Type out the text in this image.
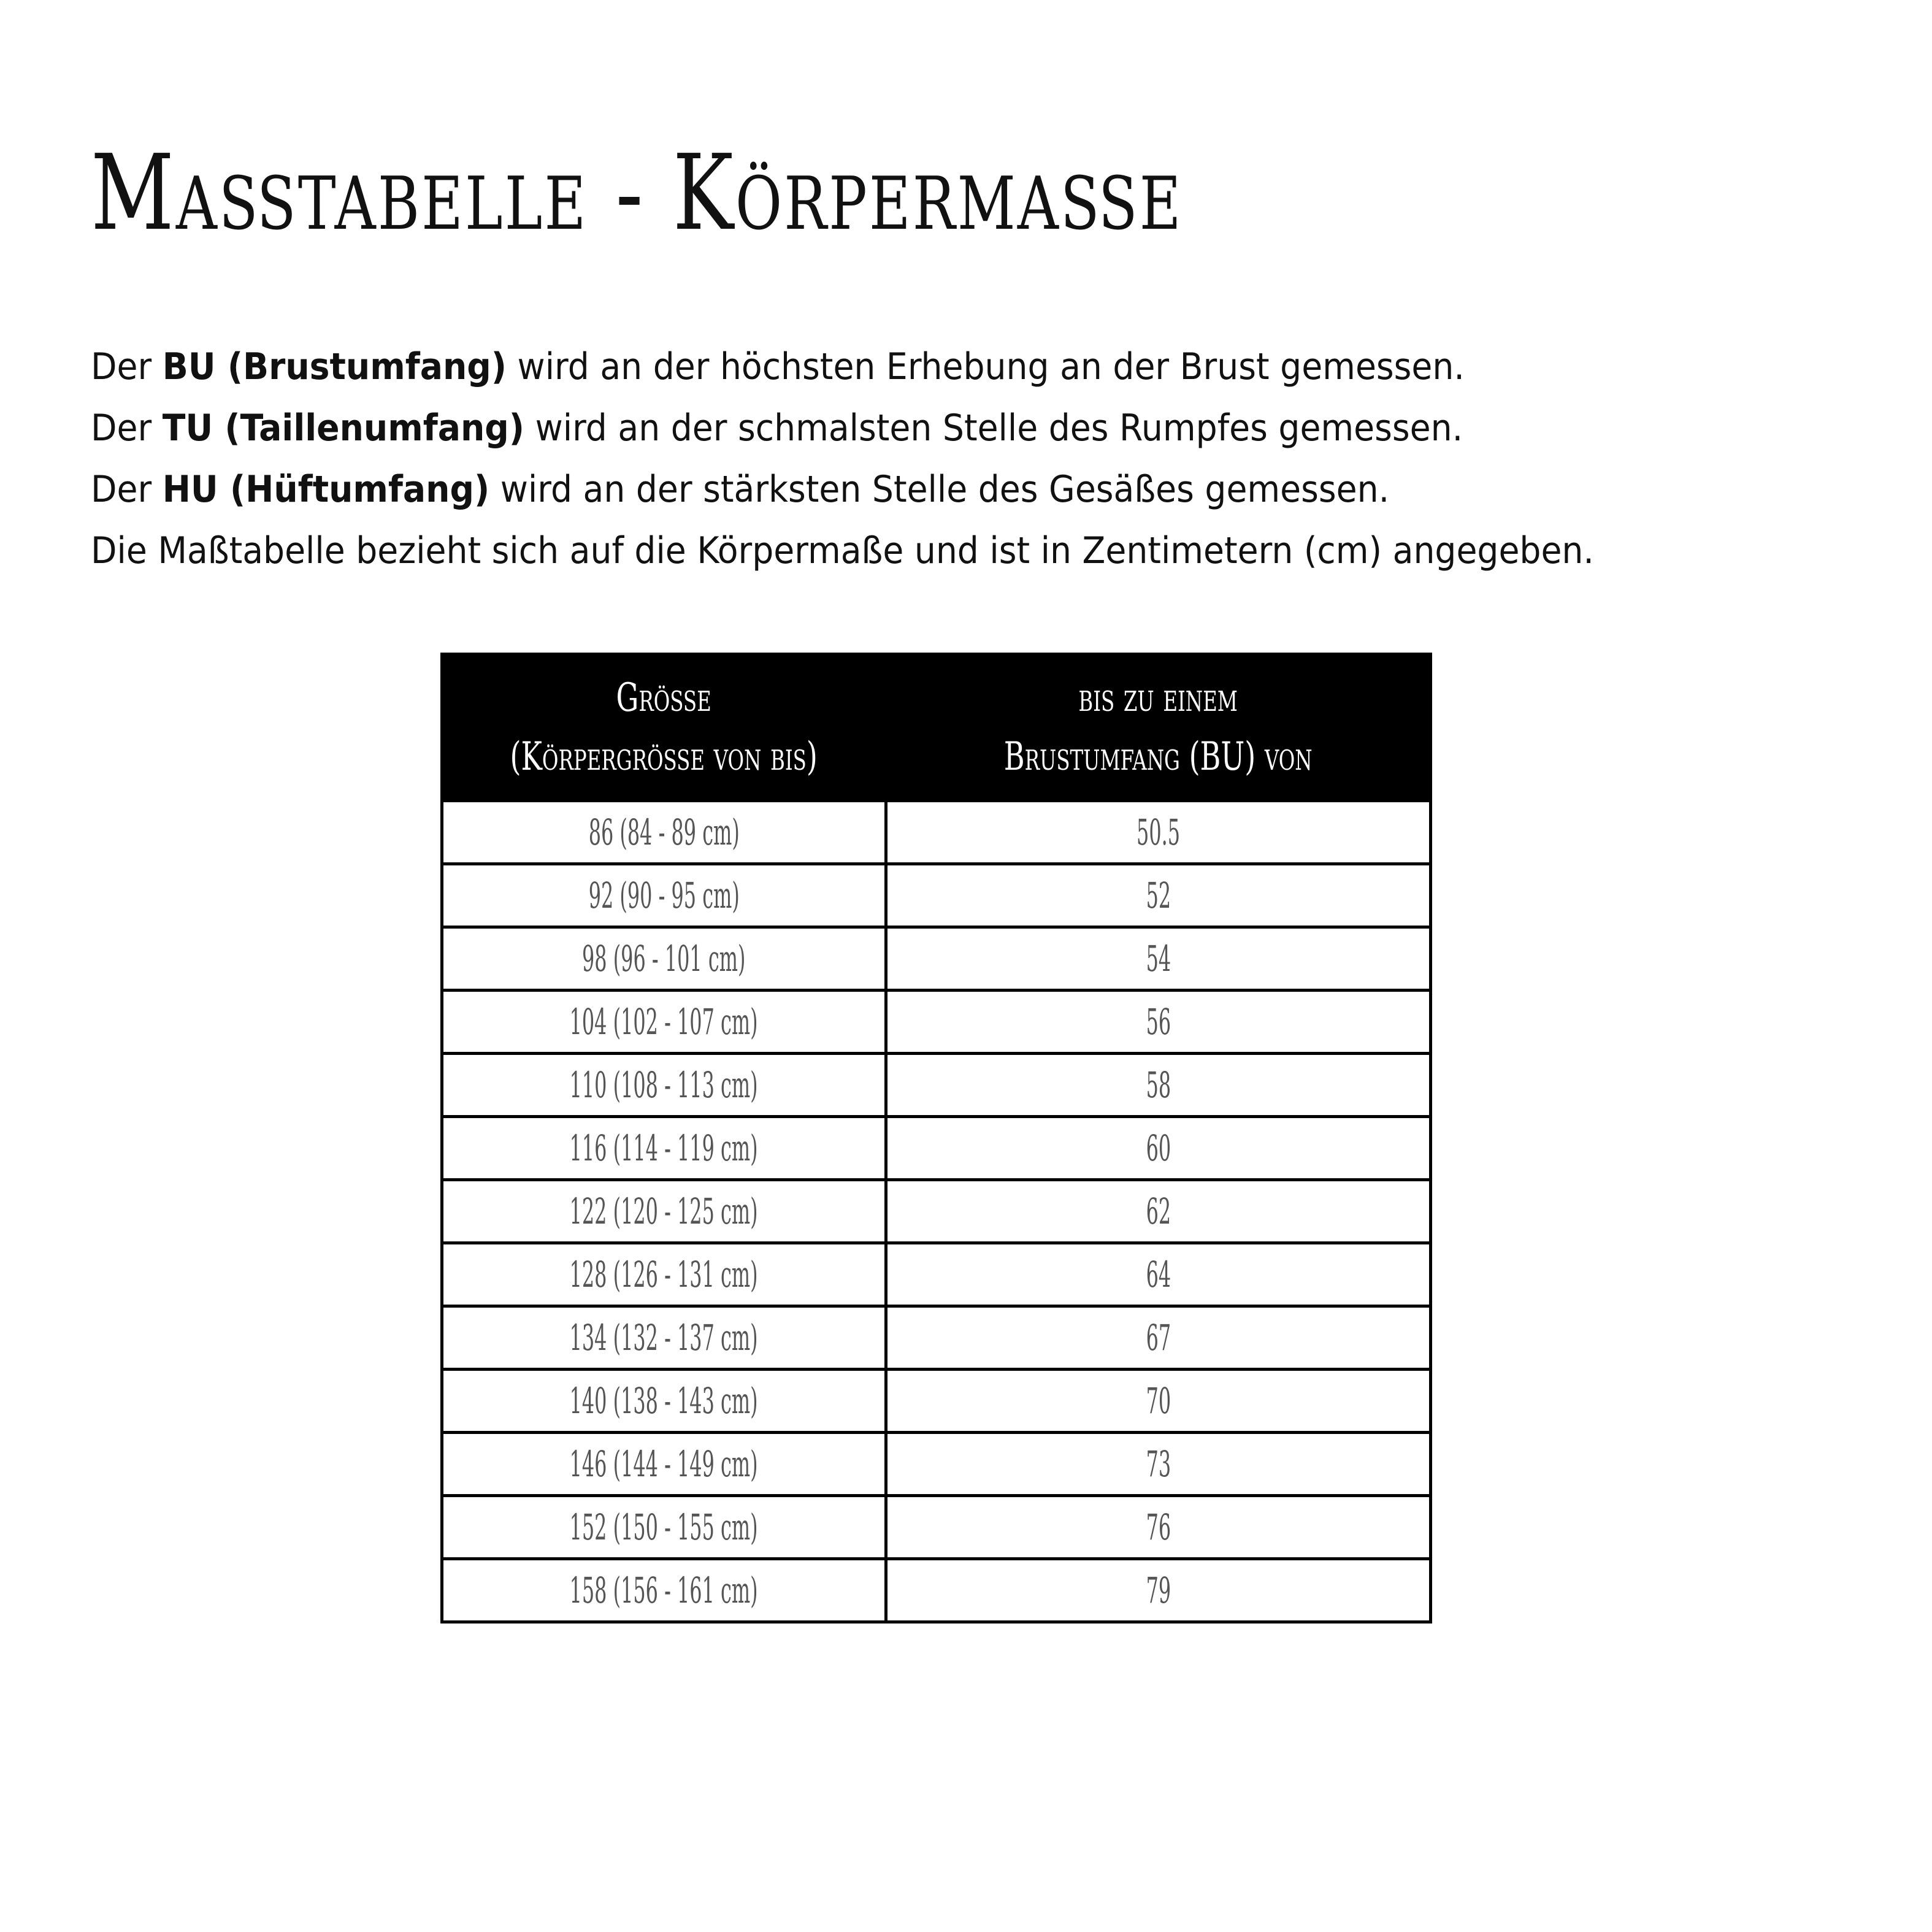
Maßtabelle - Körpermaße
Der BU (Brustumfang) wird an der höchsten Erhebung an der Brust gemessen.
Der TU (Taillenumfang) wird an der schmalsten Stelle des Rumpfes gemessen.
Der HU (Hüftumfang) wird an der stärksten Stelle des Gesäßes gemessen.
Die Maßtabelle bezieht sich auf die Körpermaße und ist in Zentimetern (cm) angegeben.
Größe
(Körpergröße von bis)	bis zu einem
Brustumfang (BU) von

86 (84 - 89 cm)	50.5
92 (90 - 95 cm)	52
98 (96 - 101 cm)	54
104 (102 - 107 cm)	56
110 (108 - 113 cm)	58
116 (114 - 119 cm)	60
122 (120 - 125 cm)	62
128 (126 - 131 cm)	64
134 (132 - 137 cm)	67
140 (138 - 143 cm)	70
146 (144 - 149 cm)	73
152 (150 - 155 cm)	76
158 (156 - 161 cm)	79
